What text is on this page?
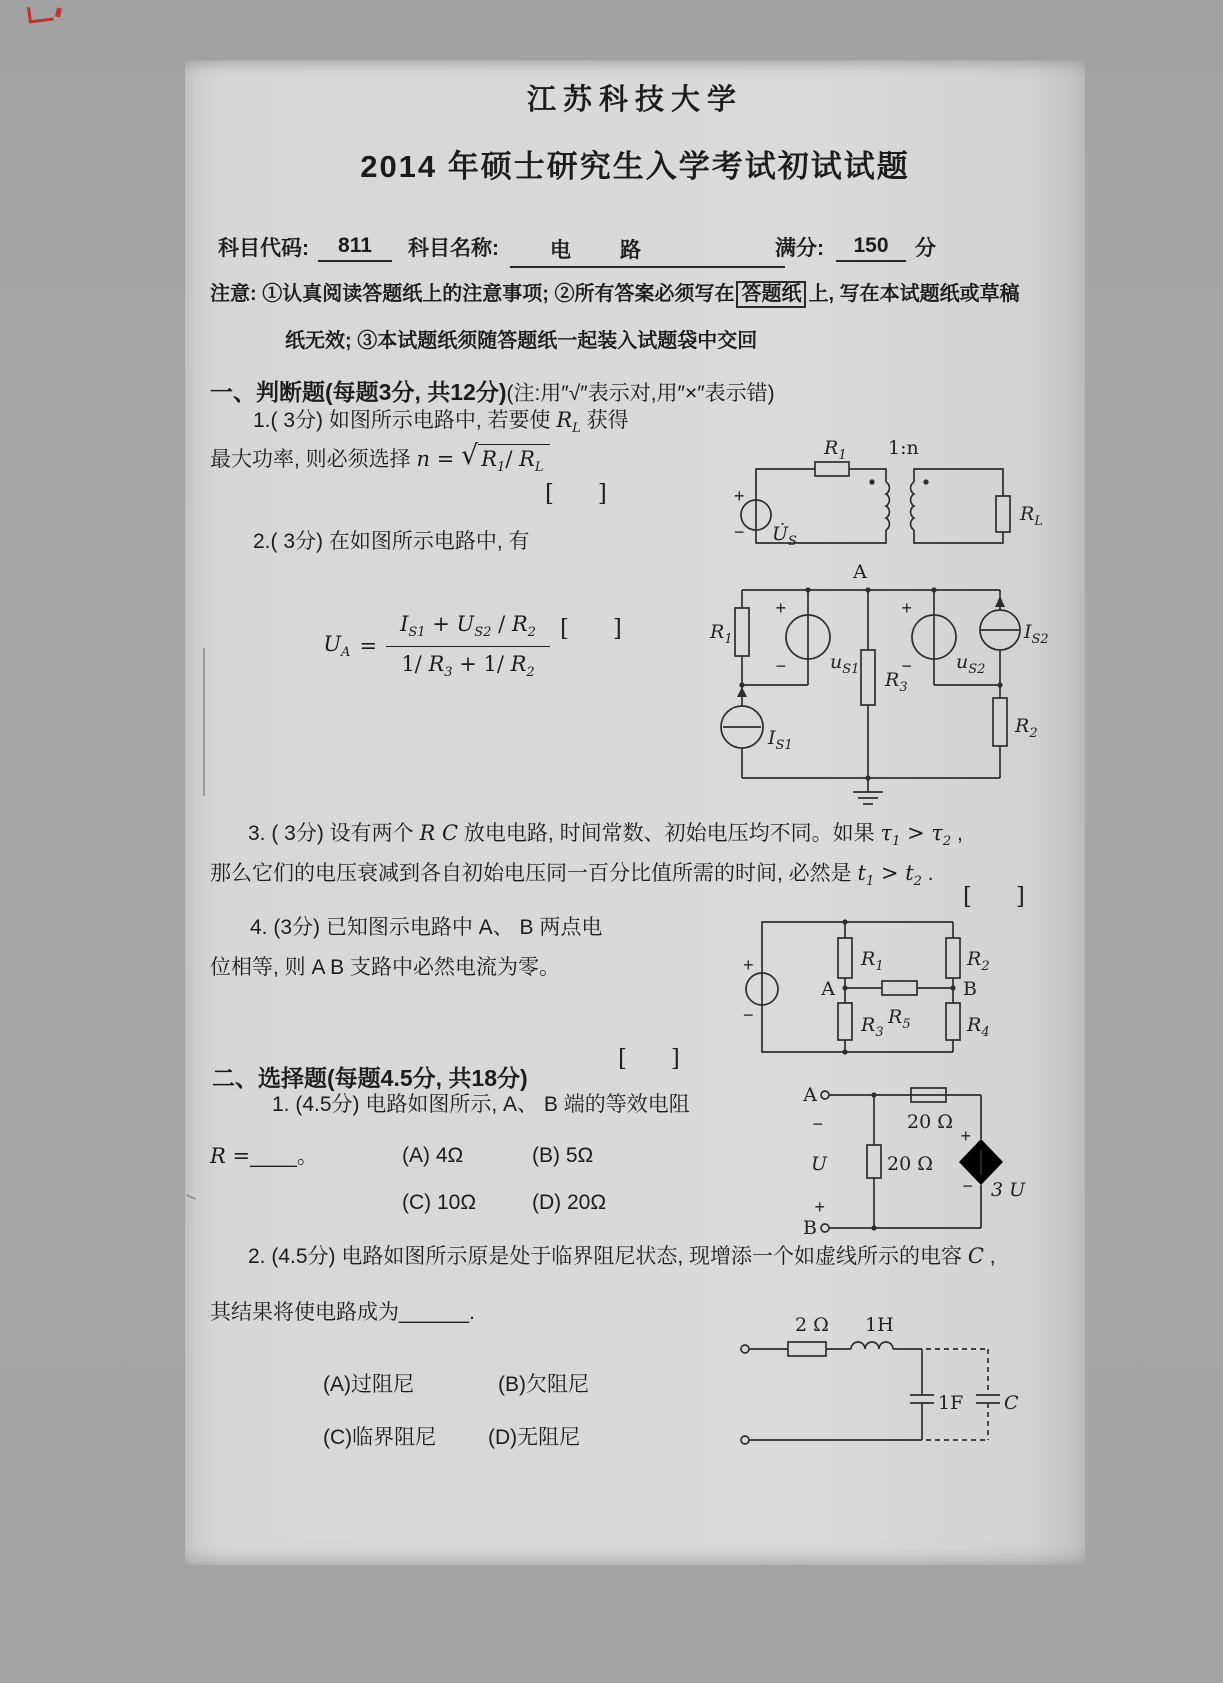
江苏科技大学
2014 年硕士研究生入学考试初试试题
科目代码:	811	科目名称:	电　路	满分:	150	分
注意: ①认真阅读答题纸上的注意事项; ②所有答案必须写在 答题纸 上, 写在本试题纸或草稿
纸无效; ③本试题纸须随答题纸一起装入试题袋中交回
一、判断题(每题3分, 共12分)(注:用″√″表示对,用″×″表示错)
1.( 3分) 如图所示电路中, 若要使 $R_L$ 获得
最大功率, 则必须选择 n = √ $R_1/$ $R_L$
[      ]	+
−
$R_1$ 1:n
$U̇_S$
$R_L$
2.( 3分) 在如图所示电路中, 有

$U_A = \frac{I_{S1} + U_{S2} / R_2}{1/ R_3 + 1/ R_2}$

[      ]
A
$R_1$
+
− $u_{S1}$ $R_3$
+
− $u_{S2}$
$I_{S2}$
$I_{S1}$
$R_2$
3. ( 3分) 设有两个 R C 放电电路, 时间常数、初始电压均不同。如果 $\tau_1 > \tau_2$ ,
那么它们的电压衰减到各自初始电压同一百分比值所需的时间, 必然是 $t_1 > t_2$ .
[      ]
4. (3分) 已知图示电路中 A、 B 两点电
位相等, 则 A B 支路中必然电流为零。
[      ]
+
−
$R_1$	$R_2$
A	B
$R_5$
$R_3$	$R_4$
二、选择题(每题4.5分, 共18分)
1. (4.5分) 电路如图所示, A、 B 端的等效电阻
R =____。	(A) 4Ω	(B) 5Ω
(C) 10Ω	(D) 20Ω
A
−
U	20 Ω
20 Ω
+
− 3 U
+
B
2. (4.5分) 电路如图所示原是处于临界阻尼状态, 现增添一个如虚线所示的电容 C ,
其结果将使电路成为______.
(A)过阻尼	(B)欠阻尼
(C)临界阻尼 (D)无阻尼
2 Ω 1H
1F C
